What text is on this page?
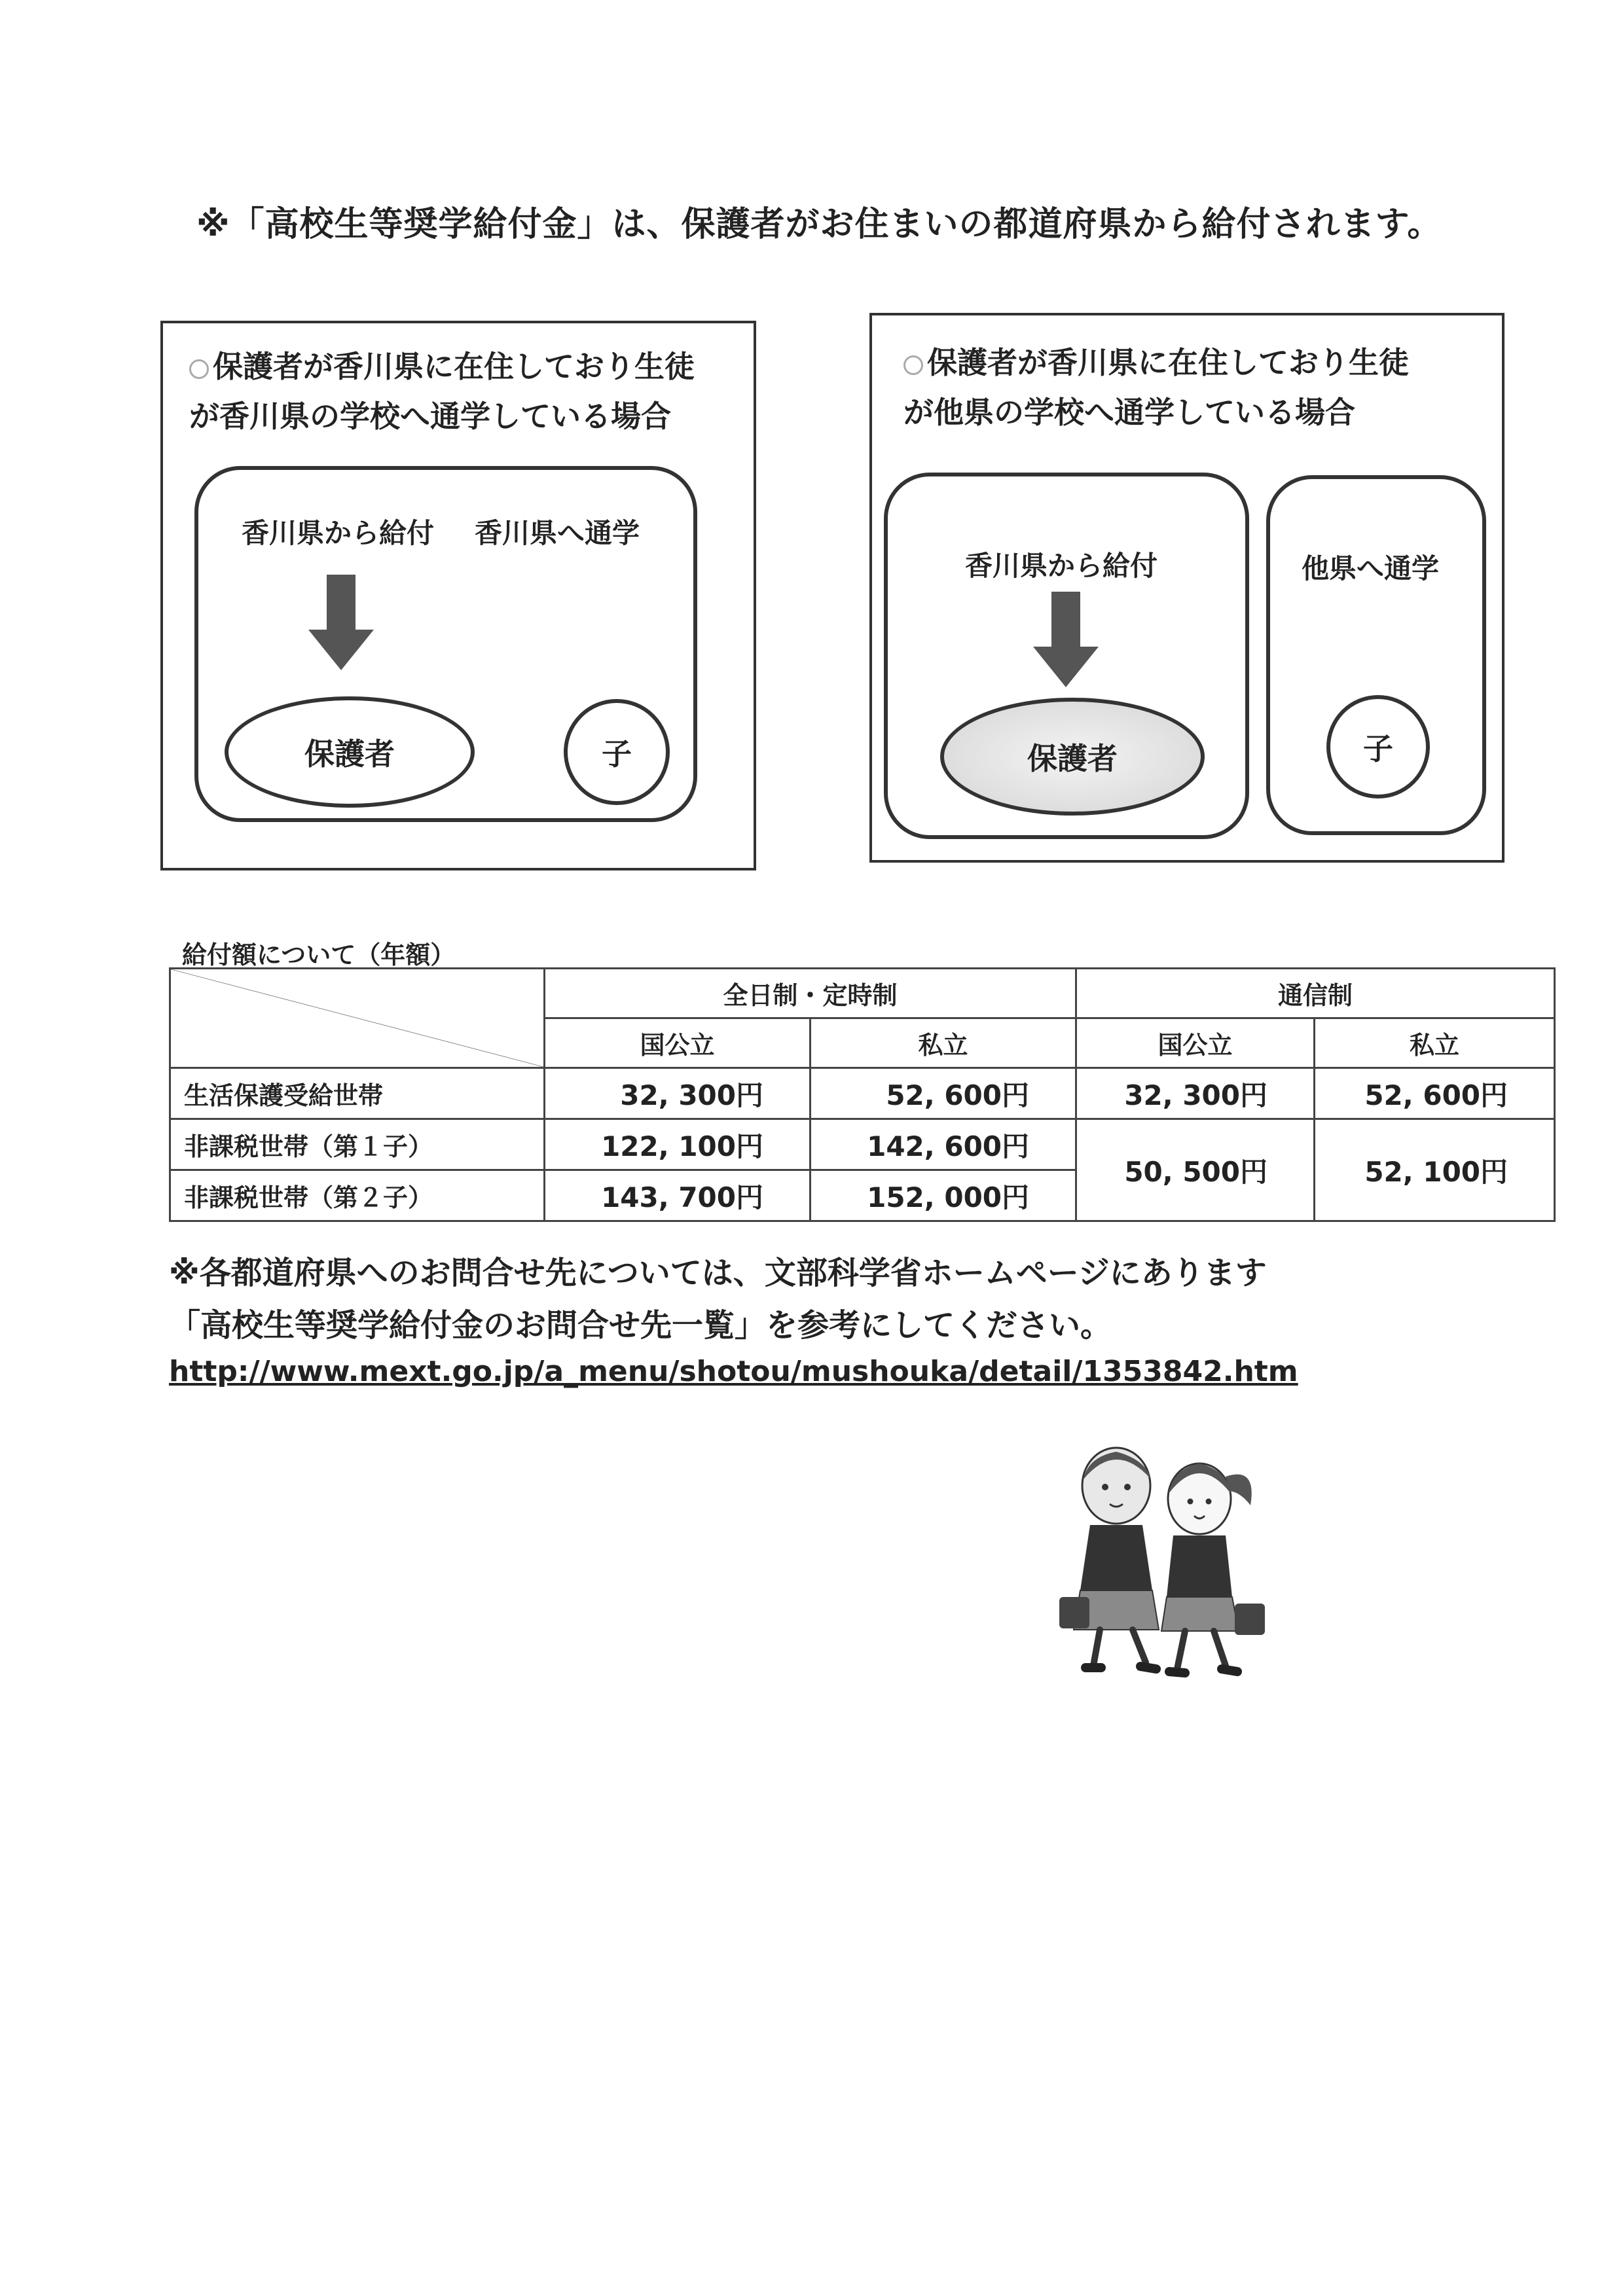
※「高校生等奨学給付金」は、保護者がお住まいの都道府県から給付されます。
保護者が香川県に在住しており生徒
が香川県の学校へ通学している場合
香川県から給付 香川県へ通学
保護者	子
保護者が香川県に在住しており生徒
が他県の学校へ通学している場合
香川県から給付
保護者
他県へ通学
子
給付額について（年額）
	全日制・定時制		通信制	
	国公立	私立	国公立	私立
生活保護受給世帯	32, 300円	52, 600円	32, 300円	52, 600円
非課税世帯（第１子）	122, 100円	142, 600円	50, 500円	52, 100円
非課税世帯（第２子）	143, 700円	152, 000円		
※各都道府県へのお問合せ先については、文部科学省ホームページにあります
「高校生等奨学給付金のお問合せ先一覧」を参考にしてください。
http://www.mext.go.jp/a_menu/shotou/mushouka/detail/1353842.htm
